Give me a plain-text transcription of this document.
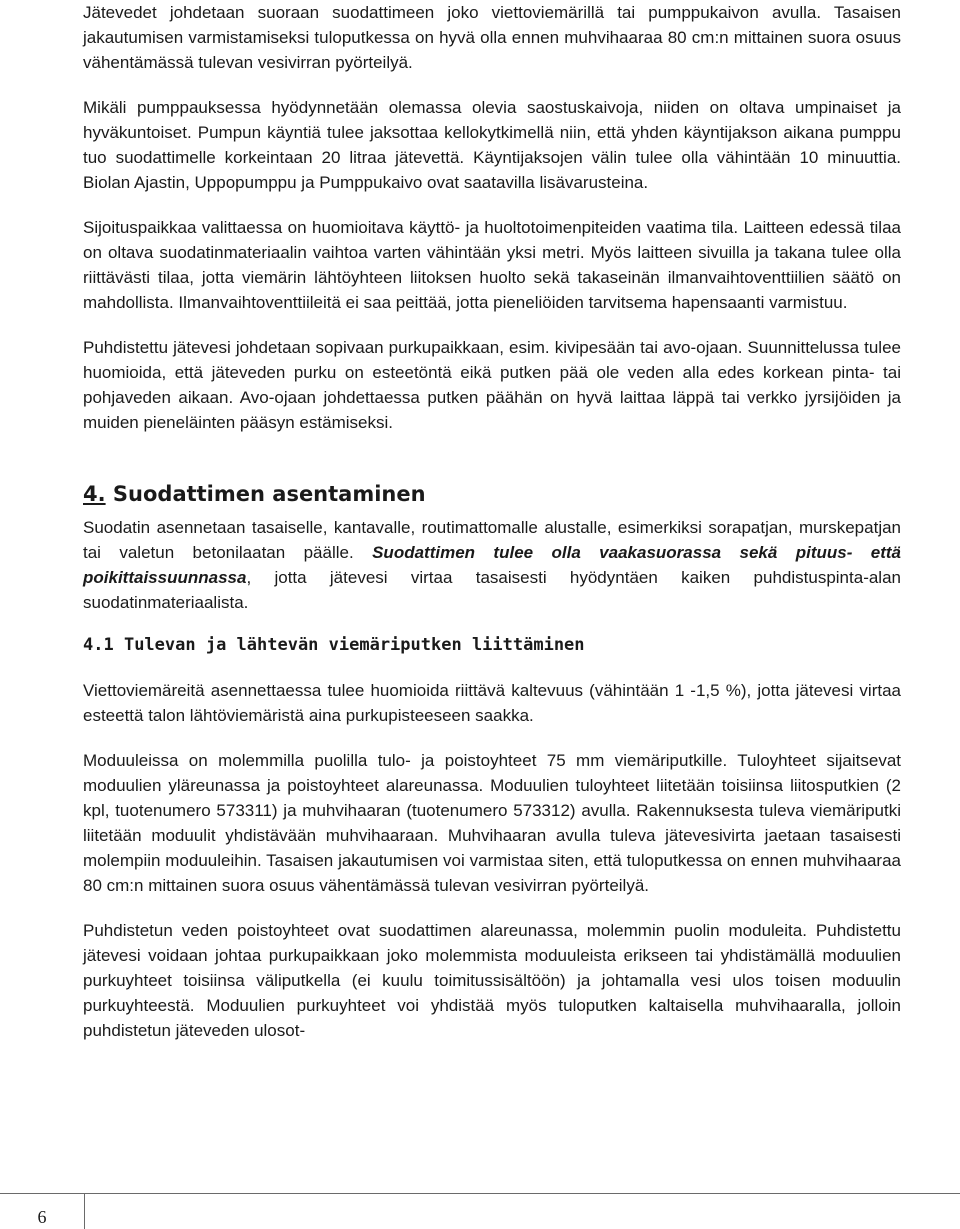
Jätevedet johdetaan suoraan suodattimeen joko viettoviemärillä tai pumppukaivon avulla. Tasaisen jakautumisen varmistamiseksi tuloputkessa on hyvä olla ennen muhvihaaraa 80 cm:n mittainen suora osuus vähentämässä tulevan vesivirran pyörteilyä.

Mikäli pumppauksessa hyödynnetään olemassa olevia saostuskaivoja, niiden on oltava umpinaiset ja hyväkuntoiset. Pumpun käyntiä tulee jaksottaa kellokytkimellä niin, että yhden käyntijakson aikana pumppu tuo suodattimelle korkeintaan 20 litraa jätevettä. Käyntijaksojen välin tulee olla vähintään 10 minuuttia. Biolan Ajastin, Uppopumppu ja Pumppukaivo ovat saatavilla lisävarusteina.

Sijoituspaikkaa valittaessa on huomioitava käyttö- ja huoltotoimenpiteiden vaatima tila. Laitteen edessä tilaa on oltava suodatinmateriaalin vaihtoa varten vähintään yksi metri. Myös laitteen sivuilla ja takana tulee olla riittävästi tilaa, jotta viemärin lähtöyhteen liitoksen huolto sekä takaseinän ilmanvaihtoventtiilien säätö on mahdollista. Ilmanvaihtoventtiileitä ei saa peittää, jotta pieneliöiden tarvitsema hapensaanti varmistuu.

Puhdistettu jätevesi johdetaan sopivaan purkupaikkaan, esim. kivipesään tai avo-ojaan. Suunnittelussa tulee huomioida, että jäteveden purku on esteetöntä eikä putken pää ole veden alla edes korkean pinta- tai pohjaveden aikaan. Avo-ojaan johdettaessa putken päähän on hyvä laittaa läppä tai verkko jyrsijöiden ja muiden pieneläinten pääsyn estämiseksi.

4. Suodattimen asentaminen

Suodatin asennetaan tasaiselle, kantavalle, routimattomalle alustalle, esimerkiksi sorapatjan, murskepatjan tai valetun betonilaatan päälle. Suodattimen tulee olla vaakasuorassa sekä pituus- että poikittaissuunnassa, jotta jätevesi virtaa tasaisesti hyödyntäen kaiken puhdistuspinta-alan suodatinmateriaalista.

4.1 Tulevan ja lähtevän viemäriputken liittäminen

Viettoviemäreitä asennettaessa tulee huomioida riittävä kaltevuus (vähintään 1 -1,5 %), jotta jätevesi virtaa esteettä talon lähtöviemäristä aina purkupisteeseen saakka.

Moduuleissa on molemmilla puolilla tulo- ja poistoyhteet 75 mm viemäriputkille. Tuloyhteet sijaitsevat moduulien yläreunassa ja poistoyhteet alareunassa. Moduulien tuloyhteet liitetään toisiinsa liitosputkien (2 kpl, tuotenumero 573311) ja muhvihaaran (tuotenumero 573312) avulla. Rakennuksesta tuleva viemäriputki liitetään moduulit yhdistävään muhvihaaraan. Muhvihaaran avulla tuleva jätevesivirta jaetaan tasaisesti molempiin moduuleihin. Tasaisen jakautumisen voi varmistaa siten, että tuloputkessa on ennen muhvihaaraa 80 cm:n mittainen suora osuus vähentämässä tulevan vesivirran pyörteilyä.

Puhdistetun veden poistoyhteet ovat suodattimen alareunassa, molemmin puolin moduleita. Puhdistettu jätevesi voidaan johtaa purkupaikkaan joko molemmista moduuleista erikseen tai yhdistämällä moduulien purkuyhteet toisiinsa väliputkella (ei kuulu toimitussisältöön) ja johtamalla vesi ulos toisen moduulin purkuyhteestä. Moduulien purkuyhteet voi yhdistää myös tuloputken kaltaisella muhvihaaralla, jolloin puhdistetun jäteveden ulosot-

6
